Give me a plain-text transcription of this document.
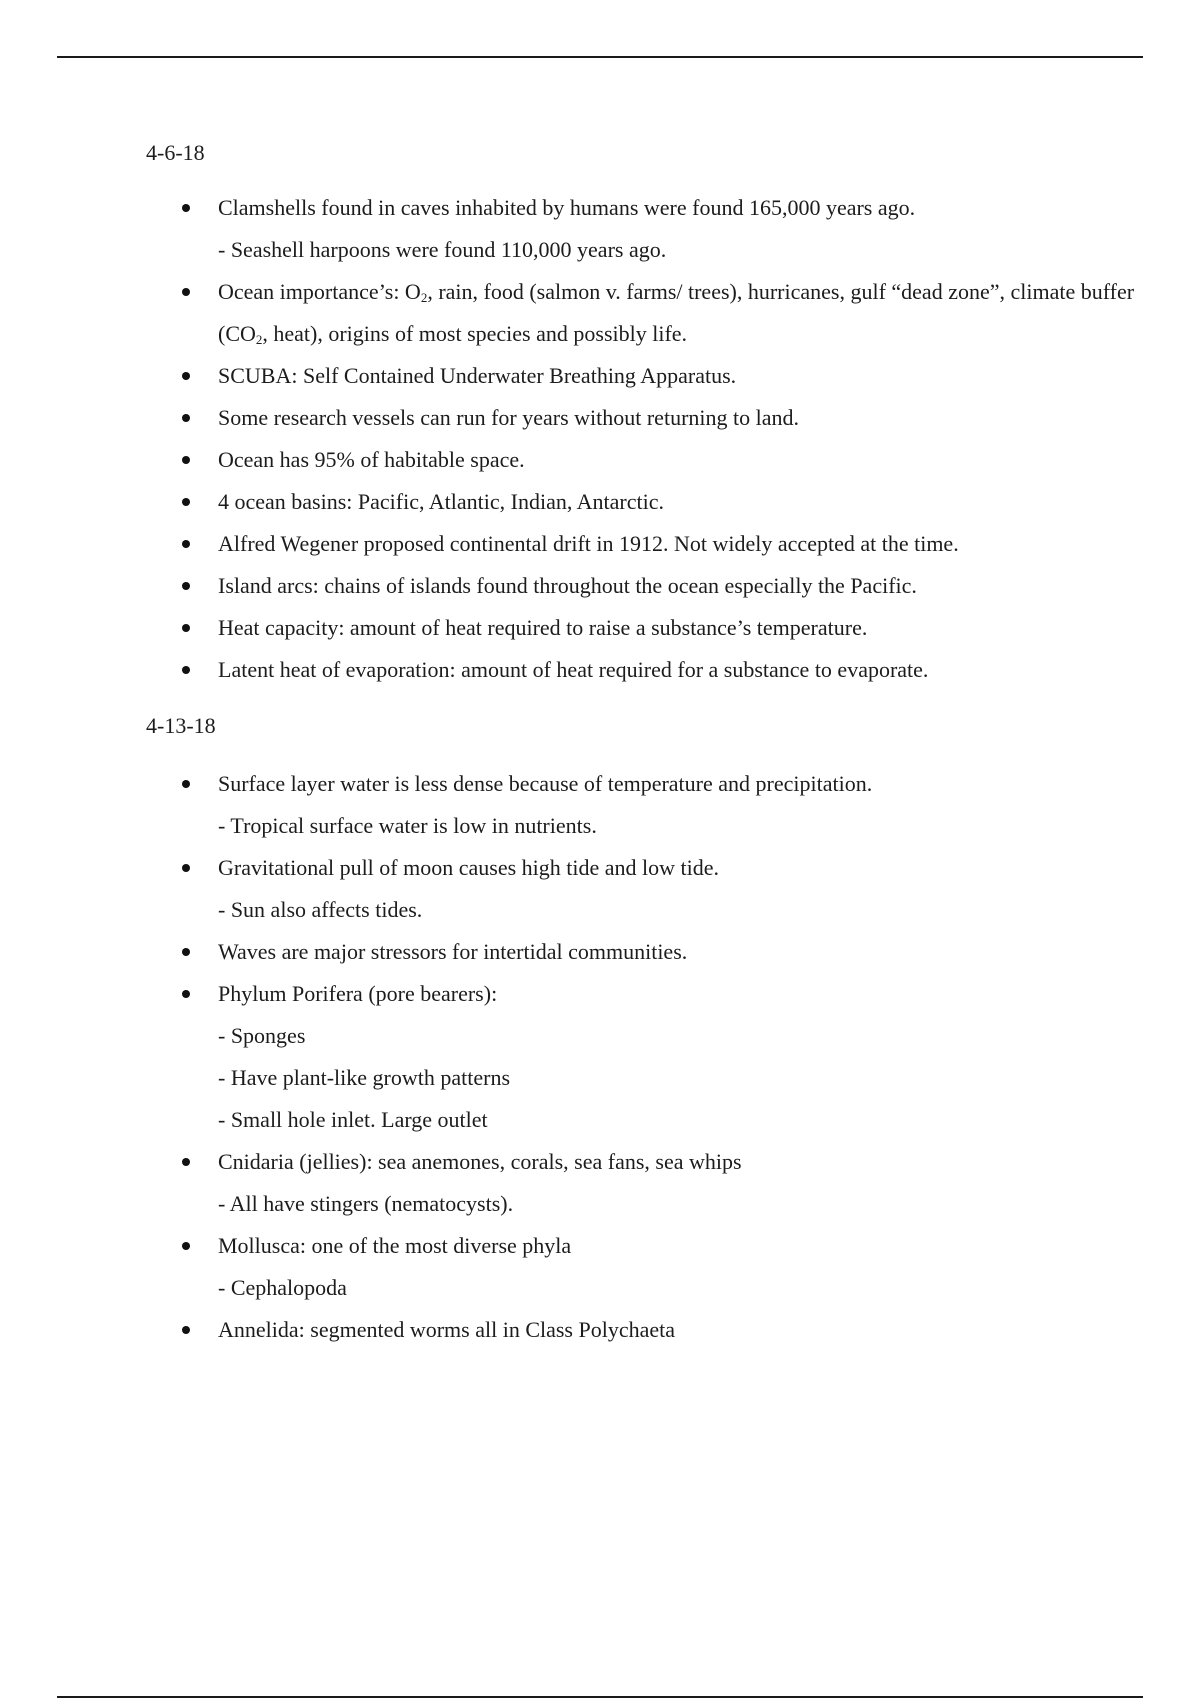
4-6-18

Clamshells found in caves inhabited by humans were found 165,000 years ago.
- Seashell harpoons were found 110,000 years ago.
Ocean importance’s: $O_2$, rain, food (salmon v. farms/ trees), hurricanes, gulf “dead zone”, climate buffer ($CO_2$, heat), origins of most species and possibly life.
SCUBA: Self Contained Underwater Breathing Apparatus.
Some research vessels can run for years without returning to land.
Ocean has 95% of habitable space.
4 ocean basins: Pacific, Atlantic, Indian, Antarctic.
Alfred Wegener proposed continental drift in 1912. Not widely accepted at the time.
Island arcs: chains of islands found throughout the ocean especially the Pacific.
Heat capacity: amount of heat required to raise a substance’s temperature.
Latent heat of evaporation: amount of heat required for a substance to evaporate.

4-13-18

Surface layer water is less dense because of temperature and precipitation.
- Tropical surface water is low in nutrients.
Gravitational pull of moon causes high tide and low tide.
- Sun also affects tides.
Waves are major stressors for intertidal communities.
Phylum Porifera (pore bearers):
- Sponges
- Have plant-like growth patterns
- Small hole inlet. Large outlet
Cnidaria (jellies): sea anemones, corals, sea fans, sea whips
- All have stingers (nematocysts).
Mollusca: one of the most diverse phyla
- Cephalopoda
Annelida: segmented worms all in Class Polychaeta
